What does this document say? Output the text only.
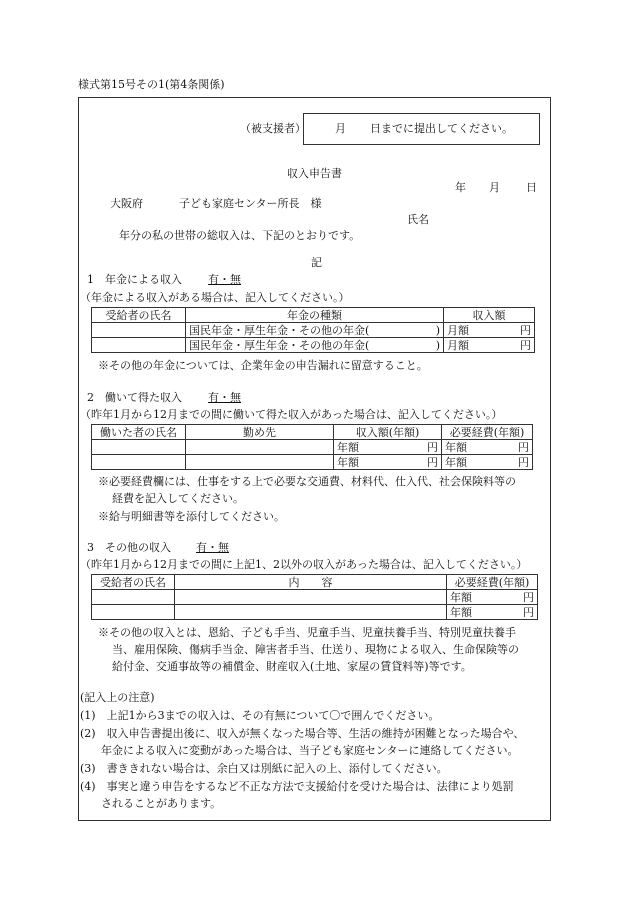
様式第15号その1(第4条関係)
（被支援者）	月 日までに提出してください。
収入申告書
年 月 日
大阪府	子ども家庭センター所長　様
氏名
年分の私の世帯の総収入は、下記のとおりです。
記
1　年金による収入 有・無
（年金による収入がある場合は、記入してください。）
受給者の氏名	年金の種類	収入額

	国民年金・厚生年金・その他の年金( )	月額 円

	国民年金・厚生年金・その他の年金( )	月額 円
※その他の年金については、企業年金の申告漏れに留意すること。
2　働いて得た収入 有・無
（昨年1月から12月までの間に働いて得た収入があった場合は、記入してください。）
働いた者の氏名	勤め先	収入額(年額)	必要経費(年額)

		年額 円	年額 円

		年額 円	年額 円
※必要経費欄には、仕事をする上で必要な交通費、材料代、仕入代、社会保険料等の
経費を記入してください。
※給与明細書等を添付してください。
3　その他の収入 有・無
（昨年1月から12月までの間に上記1、2以外の収入があった場合は、記入してください。）
受給者の氏名	内　　容	必要経費(年額)

		年額 円

		年額 円
※その他の収入とは、恩給、子ども手当、児童手当、児童扶養手当、特別児童扶養手
当、雇用保険、傷病手当金、障害者手当、仕送り、現物による収入、生命保険等の
給付金、交通事故等の補償金、財産収入(土地、家屋の賃貸料等)等です。
(記入上の注意)
(1)　上記1から3までの収入は、その有無について〇で囲んでください。
(2)　収入申告書提出後に、収入が無くなった場合等、生活の維持が困難となった場合や、
年金による収入に変動があった場合は、当子ども家庭センターに連絡してください。
(3)　書ききれない場合は、余白又は別紙に記入の上、添付してください。
(4)　事実と違う申告をするなど不正な方法で支援給付を受けた場合は、法律により処罰
されることがあります。
